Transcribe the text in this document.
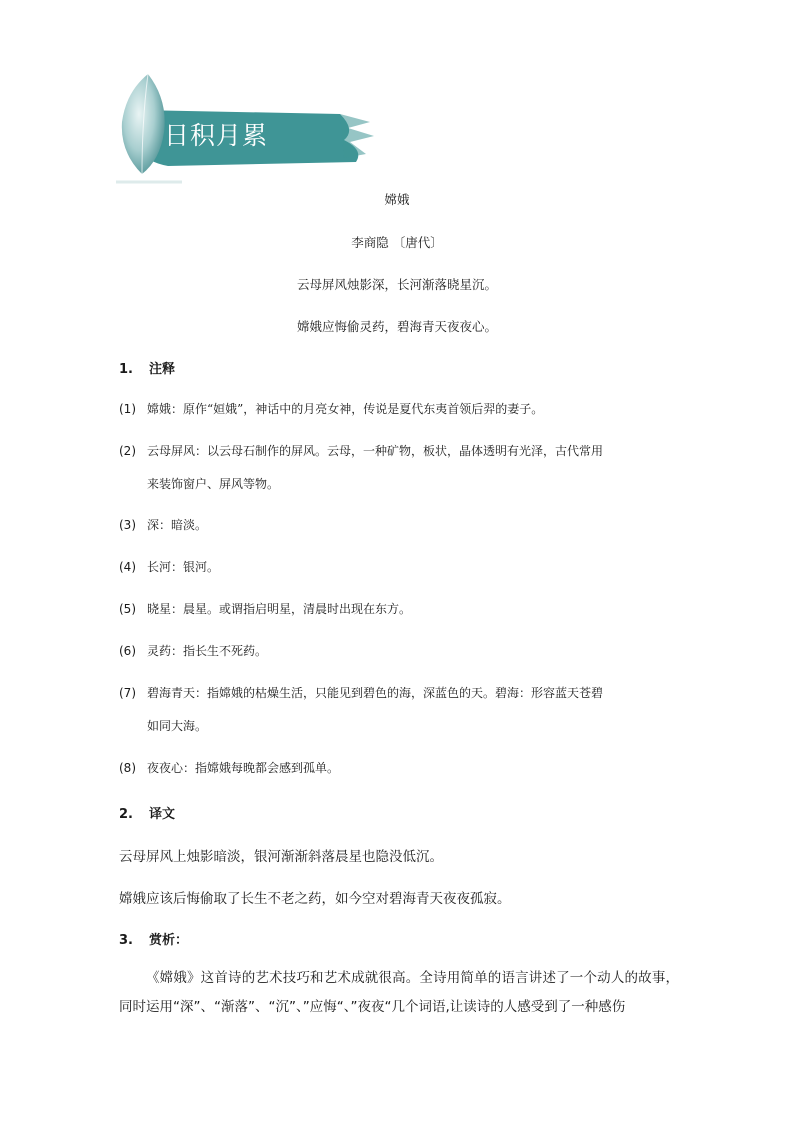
日积月累
嫦娥
李商隐 〔唐代〕
云母屏风烛影深，长河渐落晓星沉。
嫦娥应悔偷灵药，碧海青天夜夜心。
1. 注释
(1) 嫦娥：原作“姮娥”，神话中的月亮女神，传说是夏代东夷首领后羿的妻子。
(2) 云母屏风：以云母石制作的屏风。云母，一种矿物，板状，晶体透明有光泽，古代常用
来装饰窗户、屏风等物。
(3) 深：暗淡。
(4) 长河：银河。
(5) 晓星：晨星。或谓指启明星，清晨时出现在东方。
(6) 灵药：指长生不死药。
(7) 碧海青天：指嫦娥的枯燥生活，只能见到碧色的海，深蓝色的天。碧海：形容蓝天苍碧
如同大海。
(8) 夜夜心：指嫦娥每晚都会感到孤单。
2. 译文
云母屏风上烛影暗淡，银河渐渐斜落晨星也隐没低沉。
嫦娥应该后悔偷取了长生不老之药，如今空对碧海青天夜夜孤寂。
3. 赏析：
《嫦娥》这首诗的艺术技巧和艺术成就很高。全诗用简单的语言讲述了一个动人的故事，同时运用“深”、“渐落”、“沉”、”应悔“、”夜夜“几个词语,让读诗的人感受到了一种感伤
